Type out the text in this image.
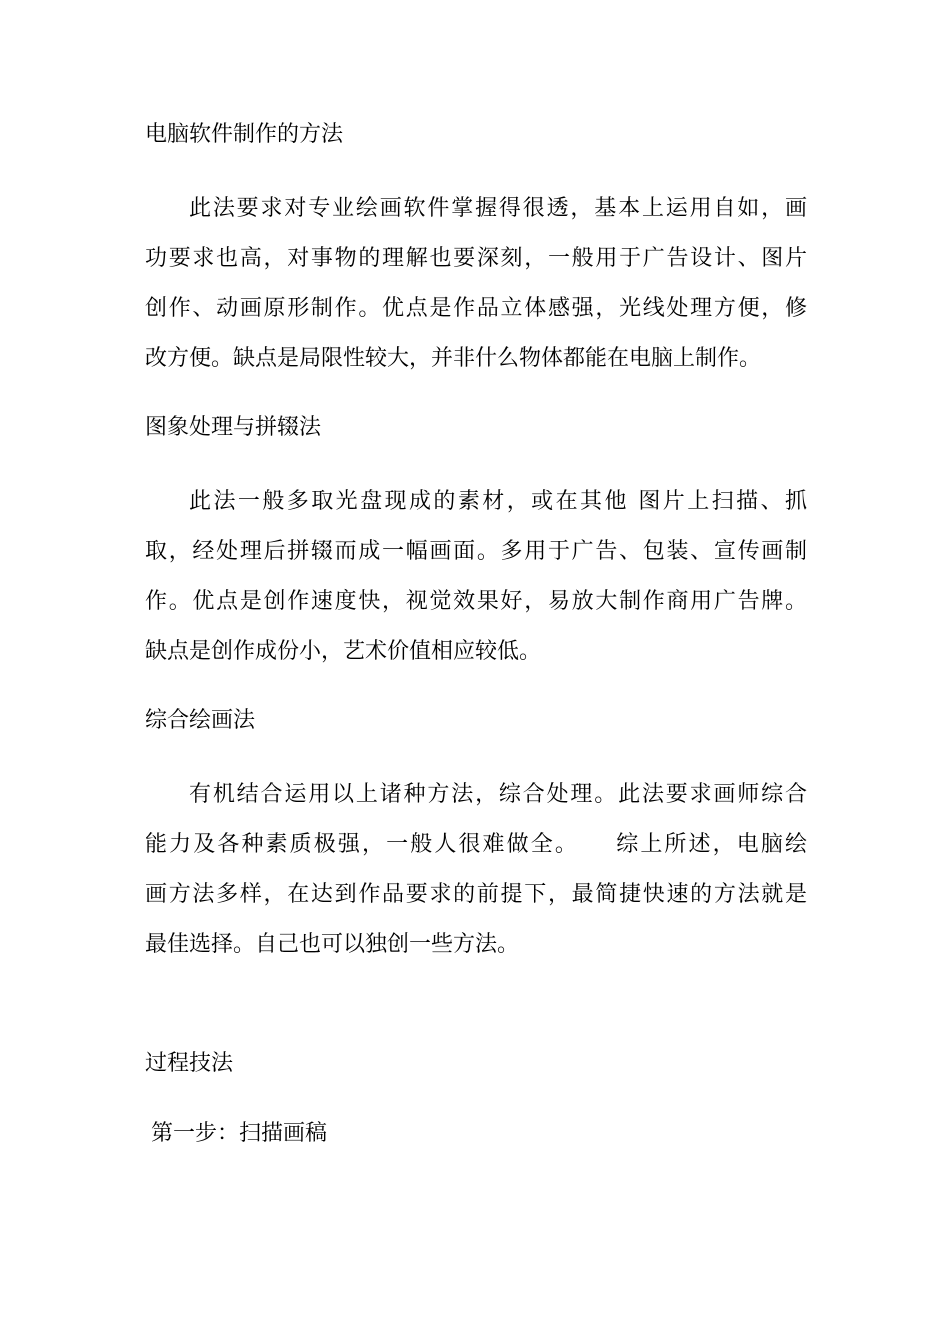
电脑软件制作的方法
此法要求对专业绘画软件掌握得很透，基本上运用自如，画
功要求也高，对事物的理解也要深刻，一般用于广告设计、图片
创作、动画原形制作。优点是作品立体感强，光线处理方便，修
改方便。缺点是局限性较大，并非什么物体都能在电脑上制作。
图象处理与拼辍法
此法一般多取光盘现成的素材，或在其他 图片上扫描、抓
取，经处理后拼辍而成一幅画面。多用于广告、包装、宣传画制
作。优点是创作速度快，视觉效果好，易放大制作商用广告牌。
缺点是创作成份小，艺术价值相应较低。
综合绘画法
有机结合运用以上诸种方法，综合处理。此法要求画师综合
能力及各种素质极强，一般人很难做全。　　综上所述，电脑绘
画方法多样，在达到作品要求的前提下，最简捷快速的方法就是
最佳选择。自己也可以独创一些方法。
过程技法
第一步：扫描画稿
